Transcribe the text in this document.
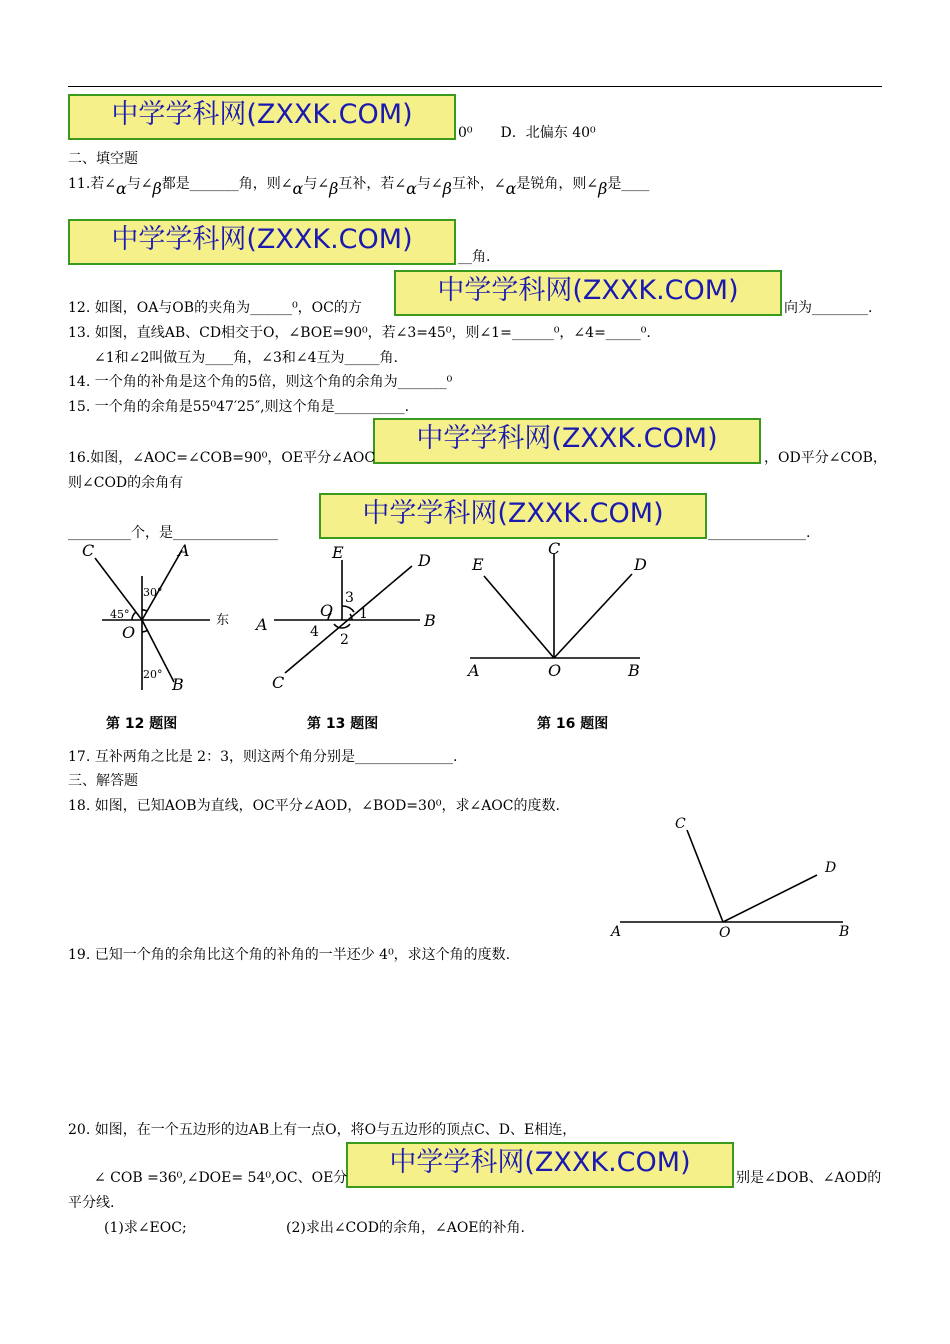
中学学科网(ZXXK.COM)
中学学科网(ZXXK.COM)
中学学科网(ZXXK.COM)
中学学科网(ZXXK.COM)
中学学科网(ZXXK.COM)
中学学科网(ZXXK.COM)
0⁰　　D．北偏东 40⁰
二、填空题
11.若∠α与∠β都是_______角，则∠α与∠β互补，若∠α与∠β互补，∠α是锐角，则∠β是____
__角.
12. 如图，OA与OB的夹角为______⁰，OC的方	向为________.
13. 如图，直线AB、CD相交于O，∠BOE=90⁰，若∠3=45⁰，则∠1=______⁰，∠4=_____⁰.
∠1和∠2叫做互为____角，∠3和∠4互为_____角.
14. 一个角的补角是这个角的5倍，则这个角的余角为_______⁰
15. 一个角的余角是55⁰47′25″,则这个角是__________.
16.如图，∠AOC=∠COB=90⁰，OE平分∠AOC	，OD平分∠COB，
则∠COD的余角有
_________个，是_______________	______________.
C	A
30°
45°
O
东
20°
B
第 12 题图
E	D
3
O 1
A	4 2
B
C
第 13 题图
E
C
D
A	O	B
第 16 题图
17. 互补两角之比是 2：3，则这两个角分别是______________.
三、解答题
18. 如图，已知AOB为直线，OC平分∠AOD，∠BOD=30⁰，求∠AOC的度数.
C
D
A	O	B
19. 已知一个角的余角比这个角的补角的一半还少 4⁰，求这个角的度数.
20. 如图，在一个五边形的边AB上有一点O，将O与五边形的顶点C、D、E相连，
∠ COB =36⁰,∠DOE= 54⁰,OC、OE分	别是∠DOB、∠AOD的
平分线.
(1)求∠EOC;	(2)求出∠COD的余角，∠AOE的补角.
